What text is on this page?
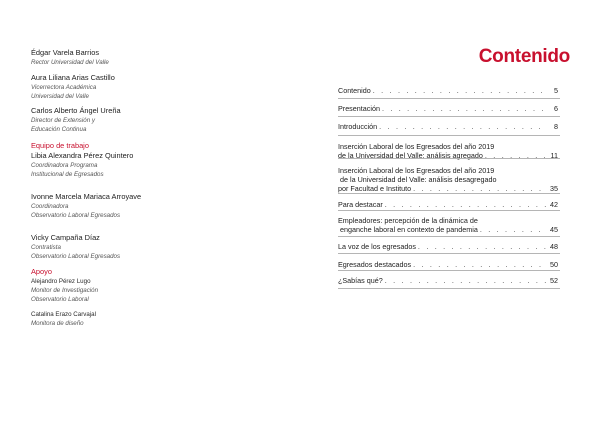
Édgar Varela Barrios
Rector Universidad del Valle
Aura Liliana Arias Castillo
Vicerrectora Académica
Universidad del Valle
Carlos Alberto Ángel Ureña
Director de Extensión y
Educación Continua
Equipo de trabajo
Libia Alexandra Pérez Quintero
Coordinadora Programa
Institucional de Egresados
Ivonne Marcela Mariaca Arroyave
Coordinadora
Observatorio Laboral Egresados
Vicky Campaña Díaz
Contratista
Observatorio Laboral Egresados
Apoyo
Alejandro Pérez Lugo
Monitor de Investigación
Observatorio Laboral
Catalina Erazo Carvajal
Monitora de diseño
Contenido
Contenido . . .	5
Presentación . . .	6
Introducción . . .	8
Inserción Laboral de los Egresados del año 2019
de la Universidad del Valle: análisis agregado . . .	11
Inserción Laboral de los Egresados del año 2019
de la Universidad del Valle: análisis desagregado
por Facultad e Instituto . . .	35
Para destacar . . .	42
Empleadores: percepción de la dinámica de
enganche laboral en contexto de pandemia . . .	45
La voz de los egresados . . .	48
Egresados destacados . . .	50
¿Sabías qué? . . .	52
